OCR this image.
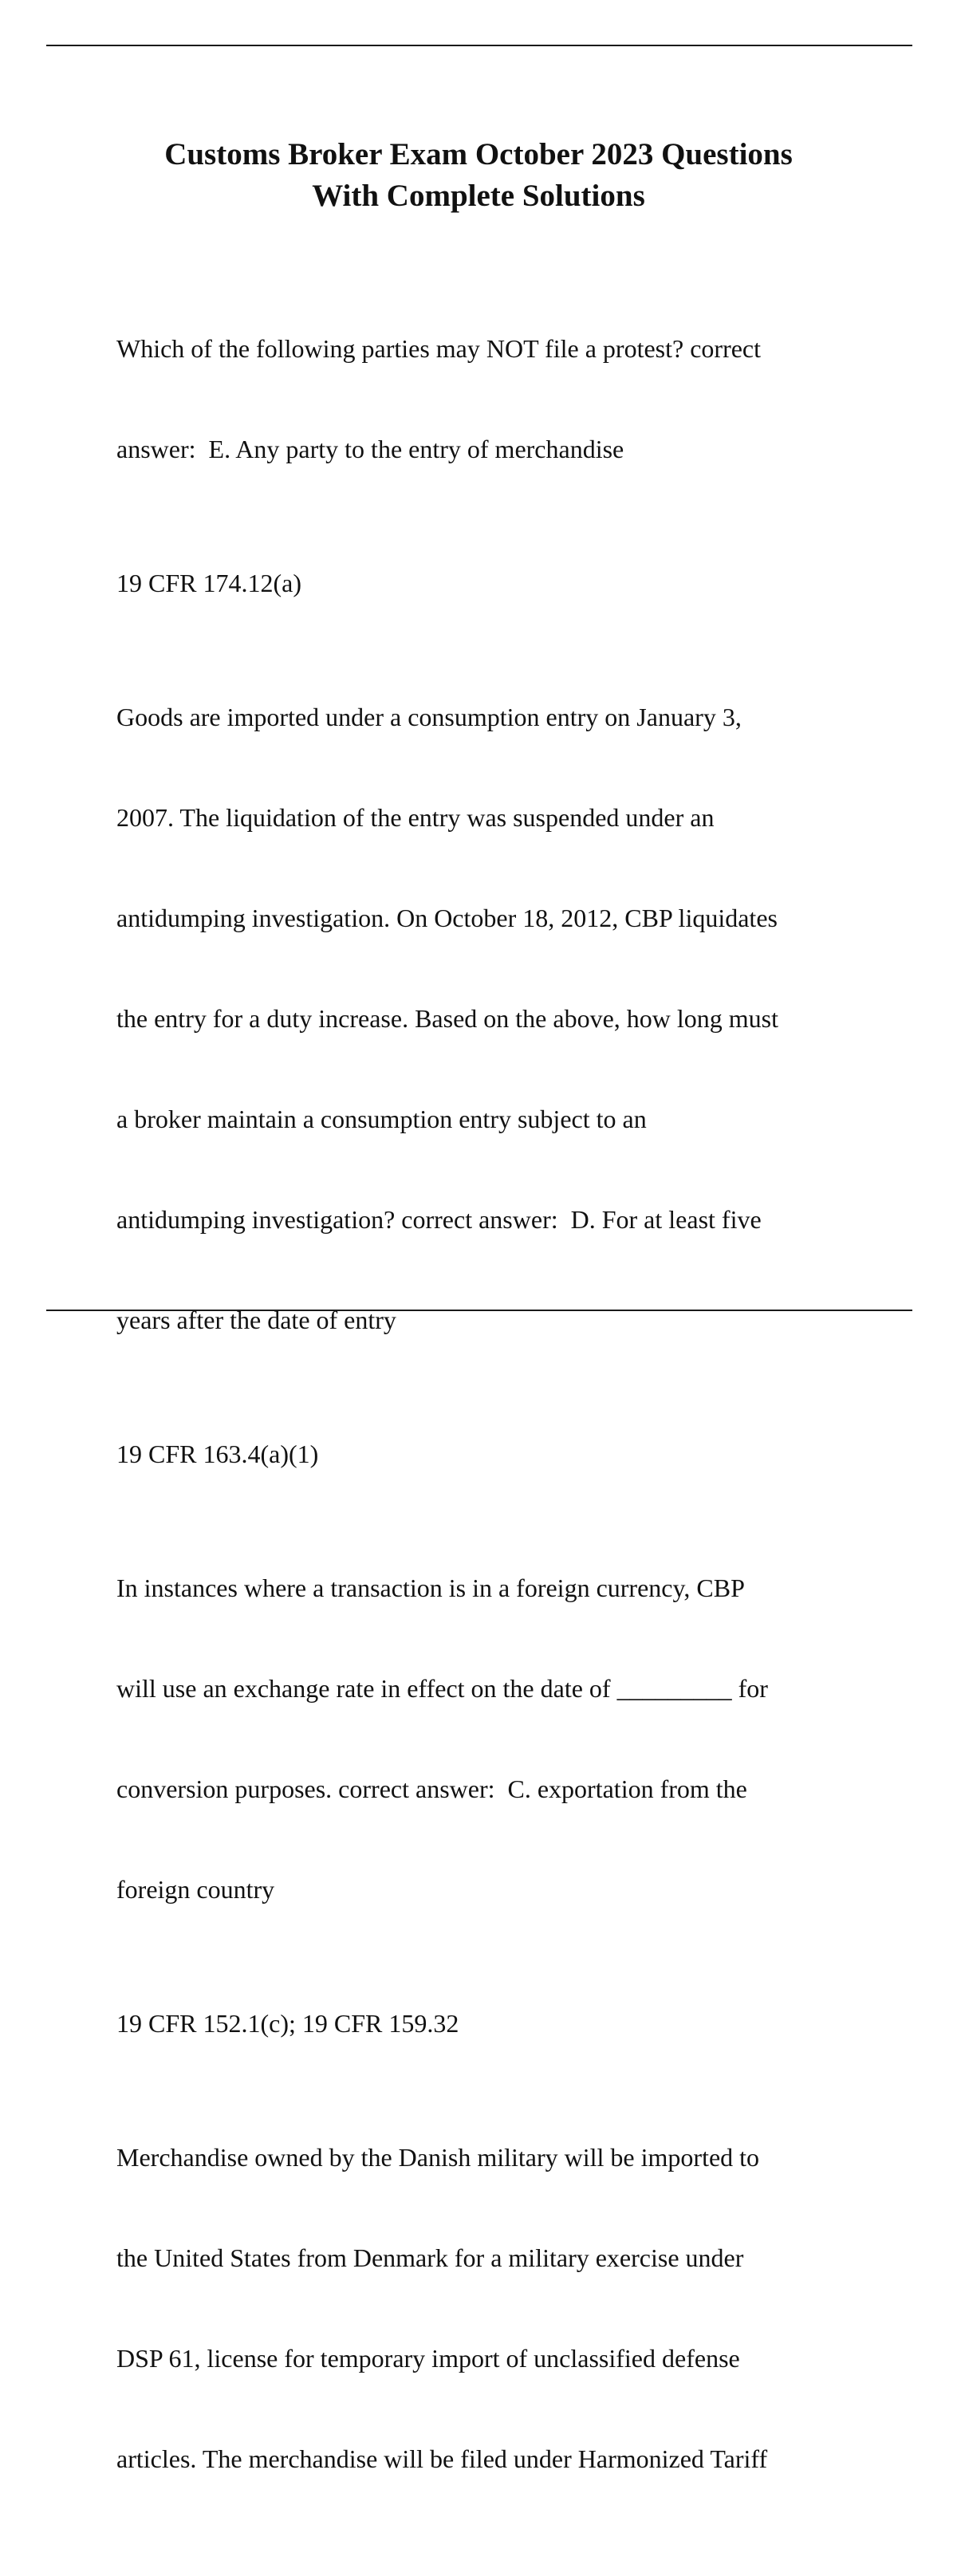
Customs Broker Exam October 2023 Questions
With Complete Solutions

Which of the following parties may NOT file a protest? correct

answer:  E. Any party to the entry of merchandise

19 CFR 174.12(a)

Goods are imported under a consumption entry on January 3,

2007. The liquidation of the entry was suspended under an

antidumping investigation. On October 18, 2012, CBP liquidates

the entry for a duty increase. Based on the above, how long must

a broker maintain a consumption entry subject to an

antidumping investigation? correct answer:  D. For at least five

years after the date of entry

19 CFR 163.4(a)(1)

In instances where a transaction is in a foreign currency, CBP

will use an exchange rate in effect on the date of _________ for

conversion purposes. correct answer:  C. exportation from the

foreign country

19 CFR 152.1(c); 19 CFR 159.32

Merchandise owned by the Danish military will be imported to

the United States from Denmark for a military exercise under

DSP 61, license for temporary import of unclassified defense

articles. The merchandise will be filed under Harmonized Tariff
